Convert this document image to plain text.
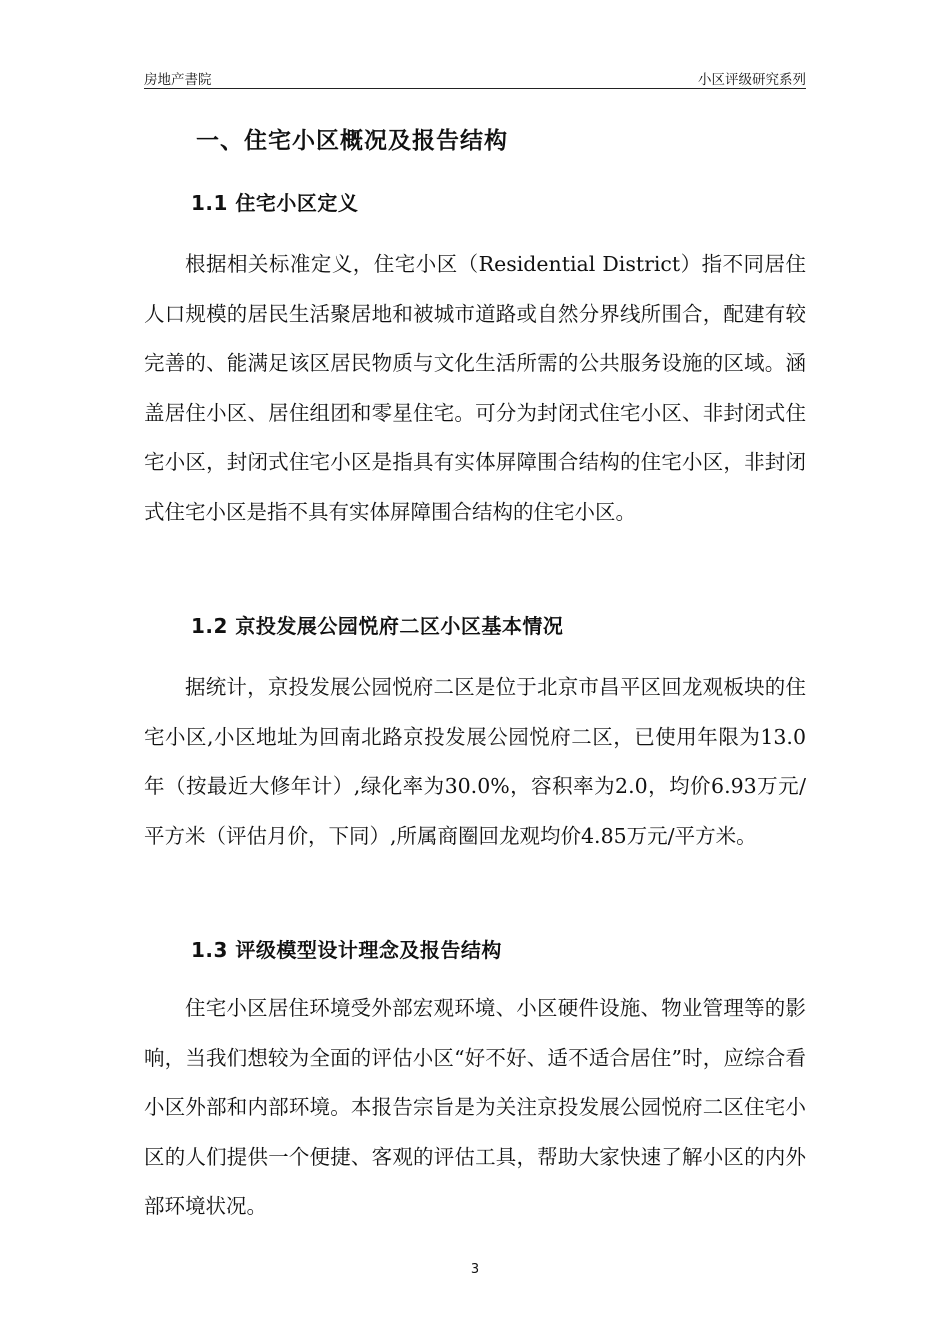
房地产書院	小区评级研究系列
一、住宅小区概况及报告结构
1.1 住宅小区定义

根据相关标准定义，住宅小区（Residential District）指不同居住人口规模的居民生活聚居地和被城市道路或自然分界线所围合，配建有较完善的、能满足该区居民物质与文化生活所需的公共服务设施的区域。涵盖居住小区、居住组团和零星住宅。可分为封闭式住宅小区、非封闭式住宅小区，封闭式住宅小区是指具有实体屏障围合结构的住宅小区，非封闭式住宅小区是指不具有实体屏障围合结构的住宅小区。

1.2 京投发展公园悦府二区小区基本情况

据统计，京投发展公园悦府二区是位于北京市昌平区回龙观板块的住宅小区,小区地址为回南北路京投发展公园悦府二区，已使用年限为13.0年（按最近大修年计）,绿化率为30.0%，容积率为2.0，均价6.93万元/平方米（评估月价，下同）,所属商圈回龙观均价4.85万元/平方米。

1.3 评级模型设计理念及报告结构

住宅小区居住环境受外部宏观环境、小区硬件设施、物业管理等的影响，当我们想较为全面的评估小区“好不好、适不适合居住”时，应综合看小区外部和内部环境。本报告宗旨是为关注京投发展公园悦府二区住宅小区的人们提供一个便捷、客观的评估工具，帮助大家快速了解小区的内外部环境状况。

3
